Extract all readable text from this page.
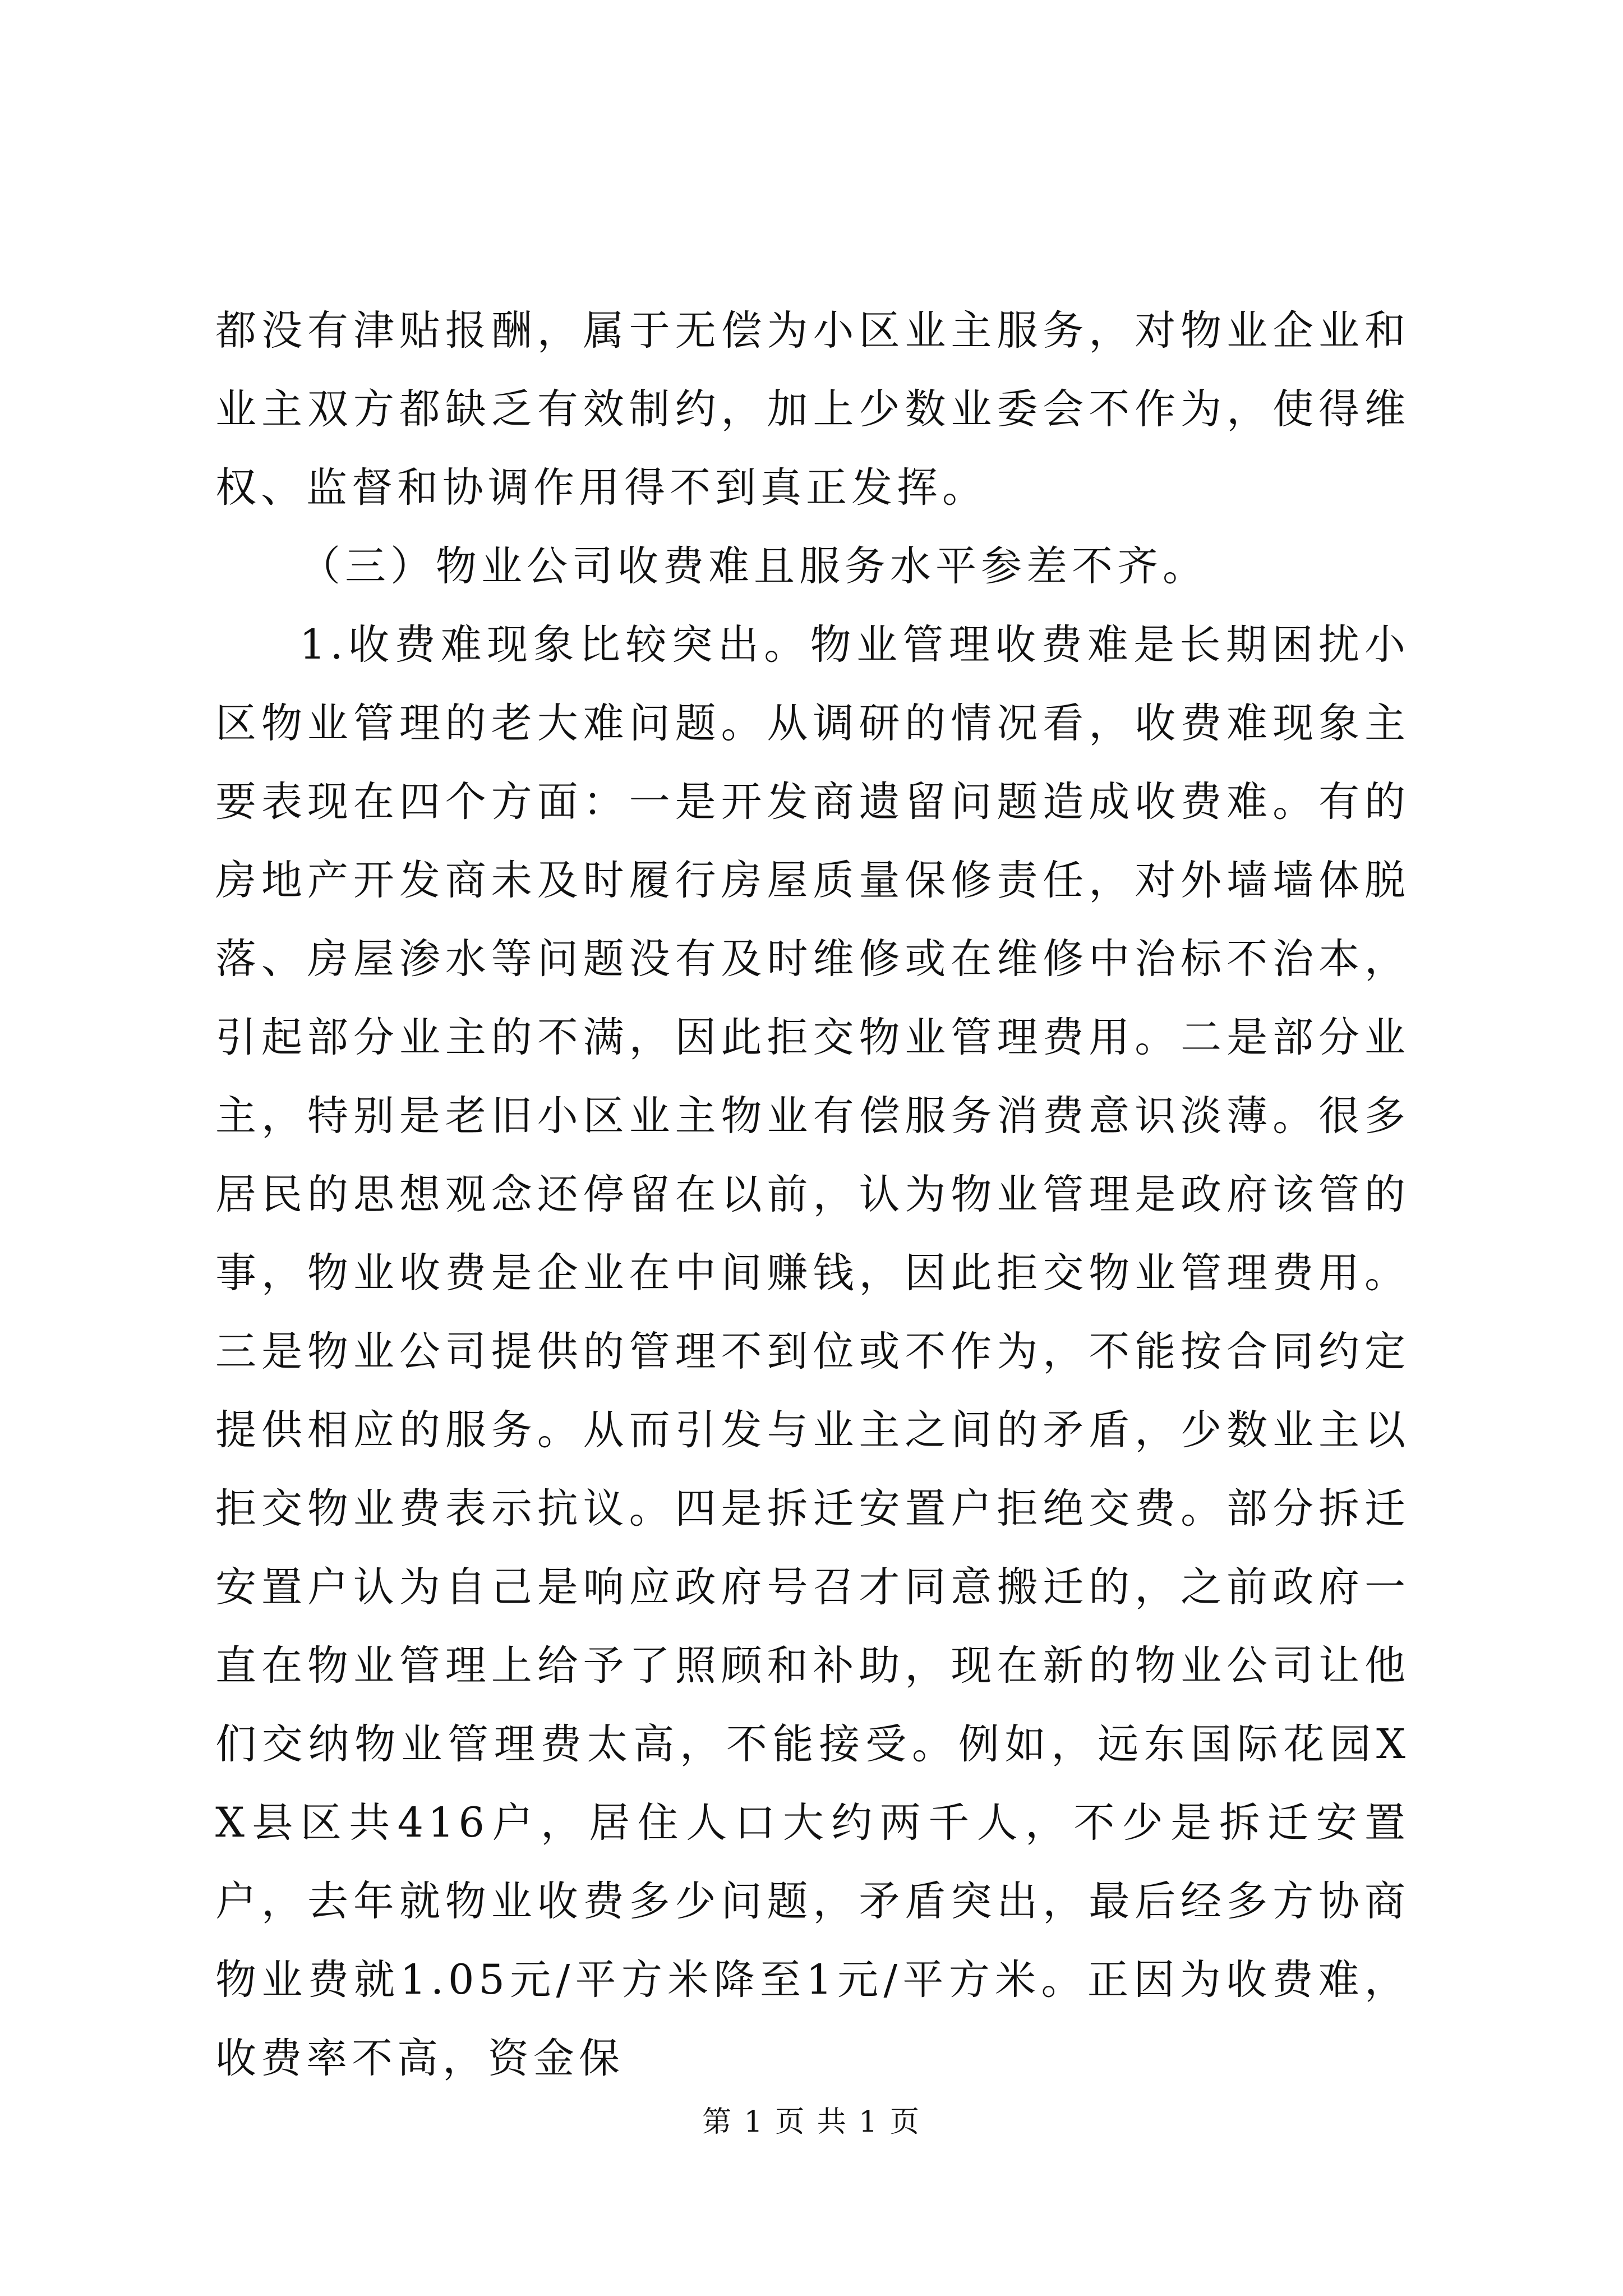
都没有津贴报酬，属于无偿为小区业主服务，对物业企业和业主双方都缺乏有效制约，加上少数业委会不作为，使得维权、监督和协调作用得不到真正发挥。

（三）物业公司收费难且服务水平参差不齐。

1.收费难现象比较突出。物业管理收费难是长期困扰小区物业管理的老大难问题。从调研的情况看，收费难现象主要表现在四个方面：一是开发商遗留问题造成收费难。有的房地产开发商未及时履行房屋质量保修责任，对外墙墙体脱落、房屋渗水等问题没有及时维修或在维修中治标不治本，引起部分业主的不满，因此拒交物业管理费用。二是部分业主，特别是老旧小区业主物业有偿服务消费意识淡薄。很多居民的思想观念还停留在以前，认为物业管理是政府该管的事，物业收费是企业在中间赚钱，因此拒交物业管理费用。三是物业公司提供的管理不到位或不作为，不能按合同约定提供相应的服务。从而引发与业主之间的矛盾，少数业主以拒交物业费表示抗议。四是拆迁安置户拒绝交费。部分拆迁安置户认为自己是响应政府号召才同意搬迁的，之前政府一直在物业管理上给予了照顾和补助，现在新的物业公司让他们交纳物业管理费太高，不能接受。例如，远东国际花园XX县区共416户，居住人口大约两千人，不少是拆迁安置户，去年就物业收费多少问题，矛盾突出，最后经多方协商物业费就1.05元/平方米降至1元/平方米。正因为收费难，收费率不高，资金保

第 1 页 共 1 页
